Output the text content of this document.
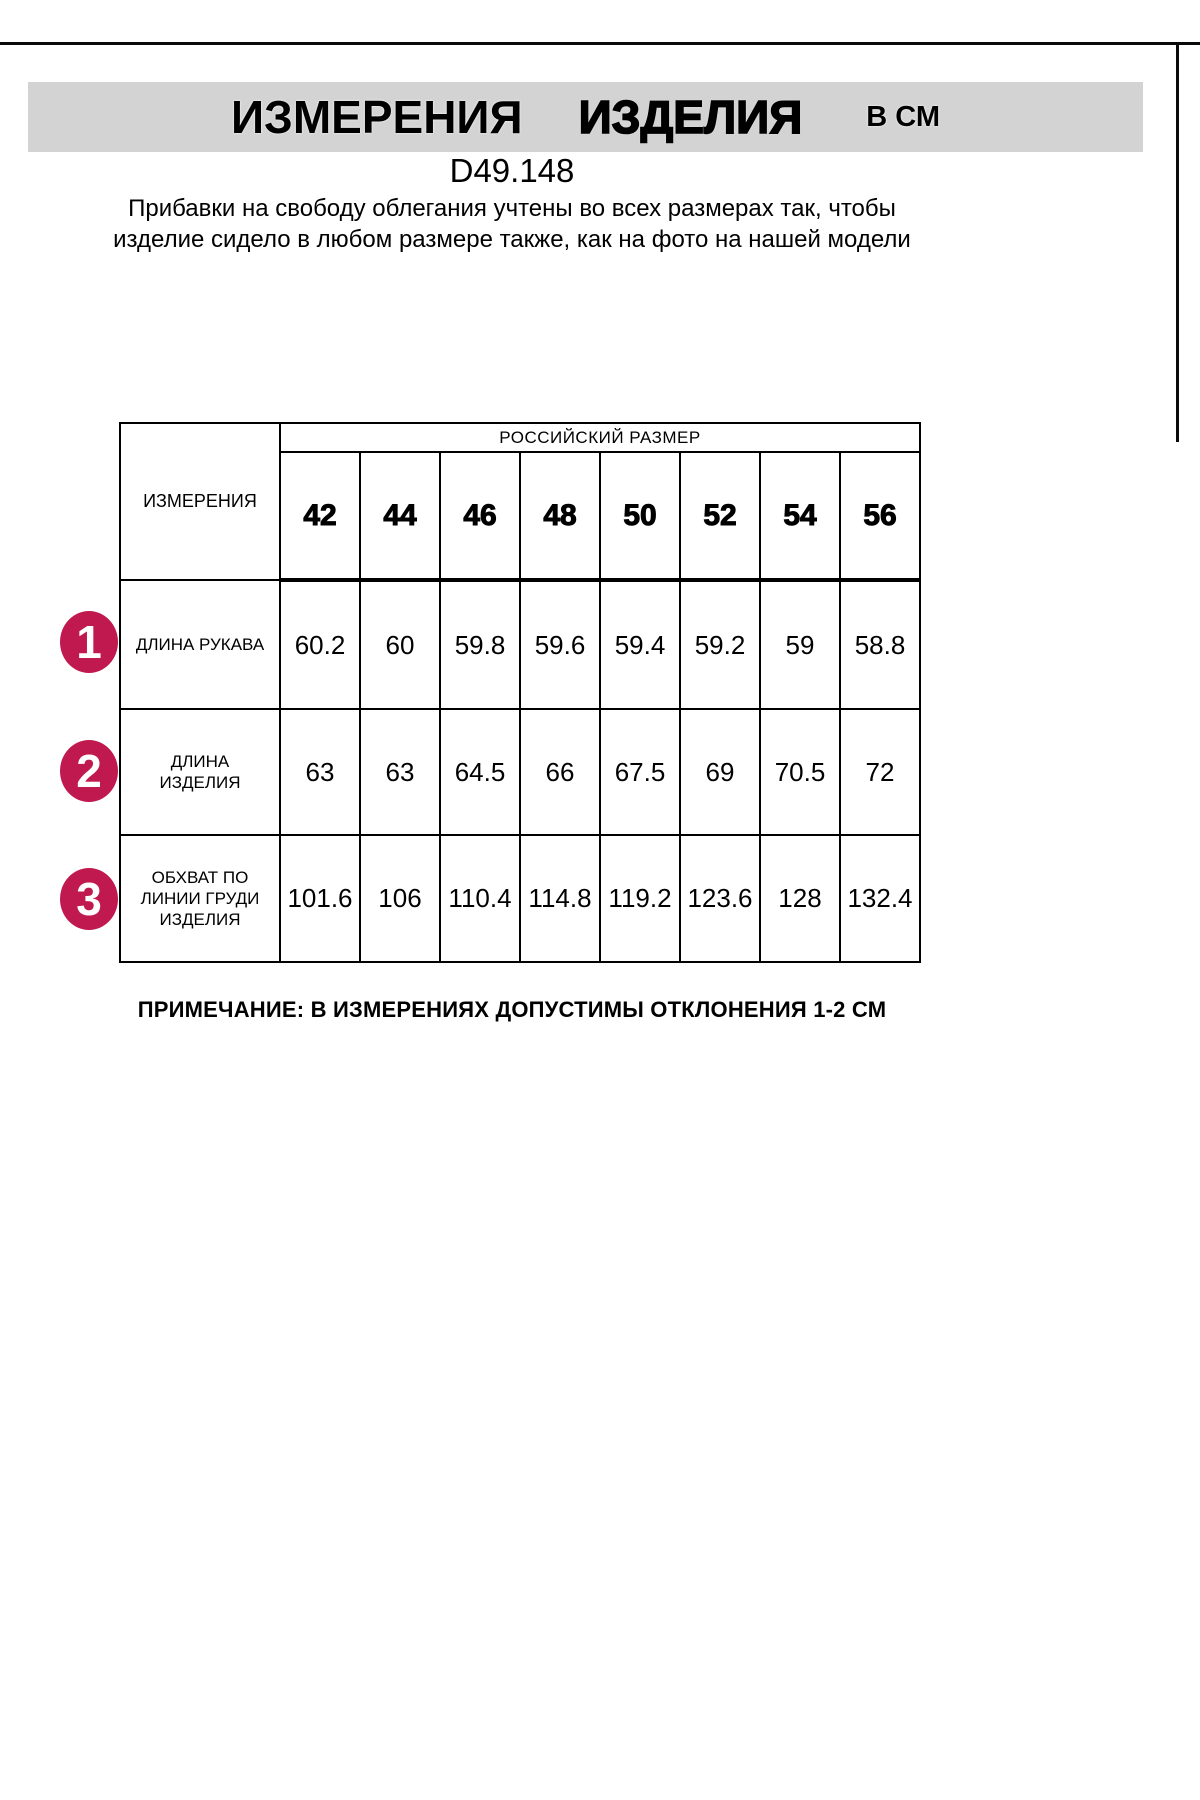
ИЗМЕРЕНИЯ ИЗДЕЛИЯ В СМ
D49.148
Прибавки на свободу облегания учтены во всех размерах так, чтобы изделие сидело в любом размере также, как на фото на нашей модели
ИЗМЕРЕНИЯ	РОССИЙСКИЙ РАЗМЕР							
	42	44	46	48	50	52	54	56
ДЛИНА РУКАВА	60.2	60	59.8	59.6	59.4	59.2	59	58.8
ДЛИНА ИЗДЕЛИЯ	63	63	64.5	66	67.5	69	70.5	72
ОБХВАТ ПО ЛИНИИ ГРУДИ ИЗДЕЛИЯ	101.6	106	110.4	114.8	119.2	123.6	128	132.4
1
2
3
ПРИМЕЧАНИЕ: В ИЗМЕРЕНИЯХ ДОПУСТИМЫ ОТКЛОНЕНИЯ 1-2 СМ
